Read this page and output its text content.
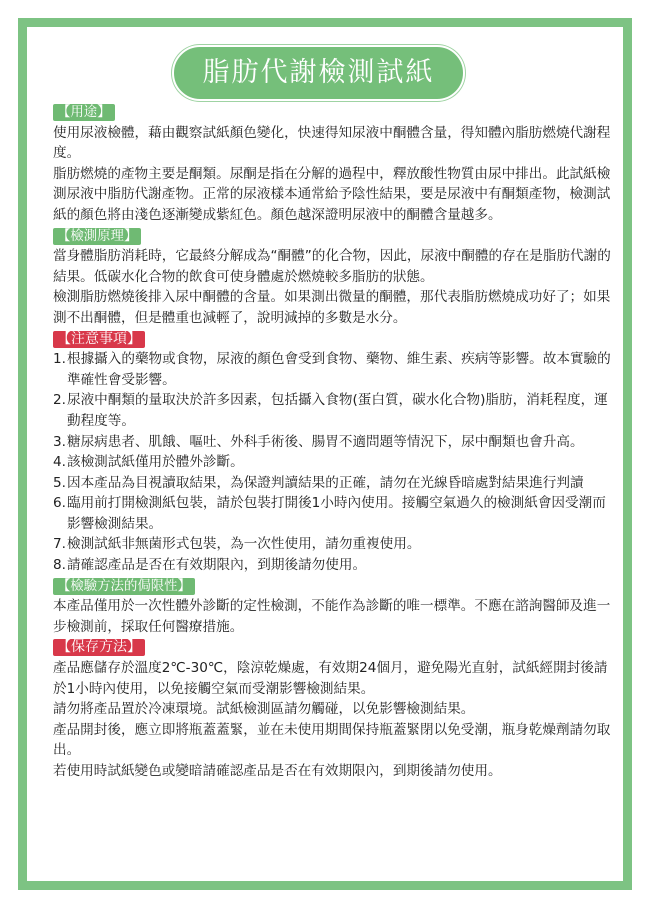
脂肪代謝檢測試紙
【用途】

使用尿液檢體，藉由觀察試紙顏色變化，快速得知尿液中酮體含量，得知體內脂肪燃燒代謝程度。

脂肪燃燒的產物主要是酮類。尿酮是指在分解的過程中，釋放酸性物質由尿中排出。此試紙檢測尿液中脂肪代謝產物。正常的尿液樣本通常給予陰性結果，要是尿液中有酮類產物，檢測試紙的顏色將由淺色逐漸變成紫紅色。顏色越深證明尿液中的酮體含量越多。

【檢測原理】

當身體脂肪消耗時，它最終分解成為“酮體”的化合物，因此，尿液中酮體的存在是脂肪代謝的結果。低碳水化合物的飲食可使身體處於燃燒較多脂肪的狀態。

檢測脂肪燃燒後排入尿中酮體的含量。如果測出微量的酮體，那代表脂肪燃燒成功好了；如果測不出酮體，但是體重也減輕了，說明減掉的多數是水分。

【注意事項】
1. 根據攝入的藥物或食物，尿液的顏色會受到食物、藥物、維生素、疾病等影響。故本實驗的準確性會受影響。
2. 尿液中酮類的量取決於許多因素，包括攝入食物(蛋白質，碳水化合物)脂肪，消耗程度，運動程度等。
3. 糖尿病患者、肌餓、嘔吐、外科手術後、腸胃不適問題等情況下，尿中酮類也會升高。
4. 該檢測試紙僅用於體外診斷。
5. 因本產品為目視讀取結果，為保證判讀結果的正確，請勿在光線昏暗處對結果進行判讀
6. 臨用前打開檢測紙包裝，請於包裝打開後1小時內使用。接觸空氣過久的檢測紙會因受潮而影響檢測結果。
7. 檢測試紙非無菌形式包裝，為一次性使用，請勿重複使用。
8. 請確認產品是否在有效期限內，到期後請勿使用。
【檢驗方法的侷限性】

本產品僅用於一次性體外診斷的定性檢測，不能作為診斷的唯一標準。不應在諮詢醫師及進一步檢測前，採取任何醫療措施。

【保存方法】

產品應儲存於溫度2℃-30℃，陰涼乾燥處，有效期24個月，避免陽光直射，試紙經開封後請於1小時內使用，以免接觸空氣而受潮影響檢測結果。

請勿將產品置於冷凍環境。試紙檢測區請勿觸碰，以免影響檢測結果。

產品開封後，應立即將瓶蓋蓋緊，並在未使用期間保持瓶蓋緊閉以免受潮，瓶身乾燥劑請勿取出。

若使用時試紙變色或變暗請確認產品是否在有效期限內，到期後請勿使用。
